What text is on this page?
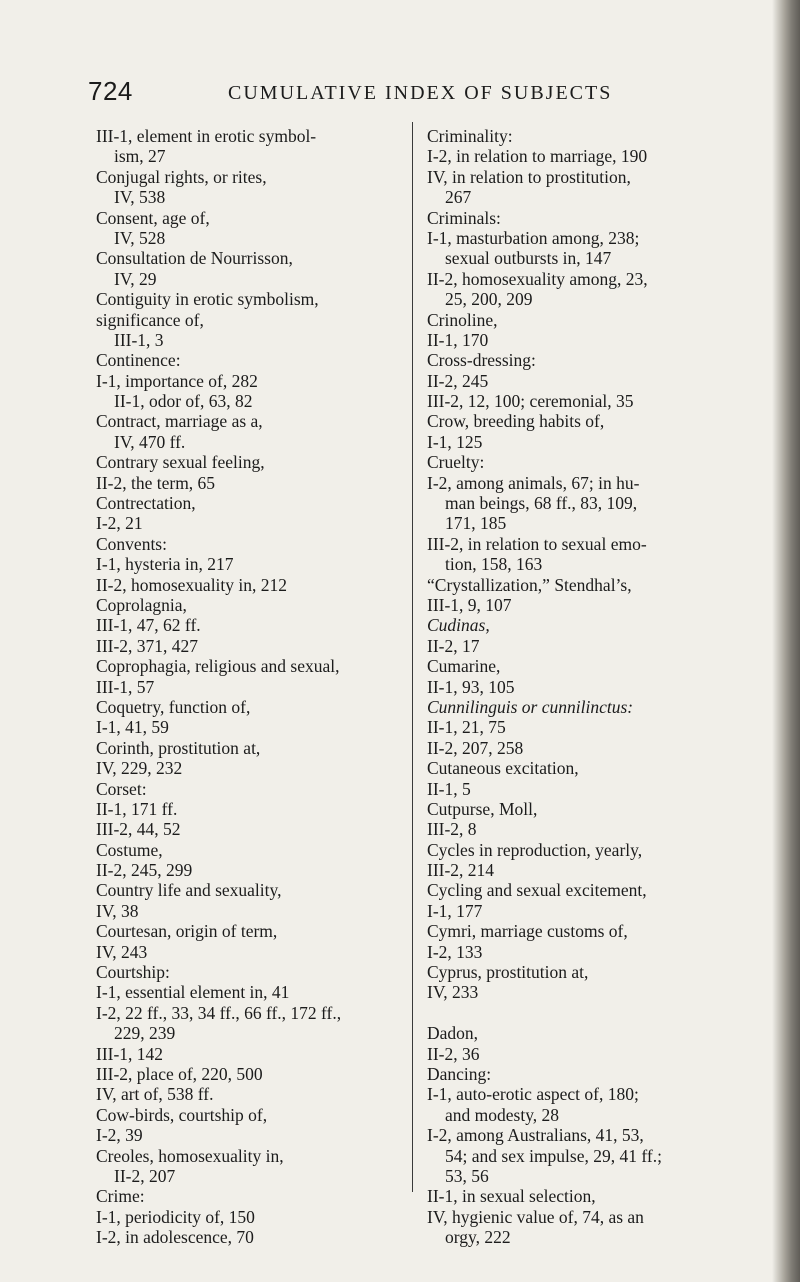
724	CUMULATIVE INDEX OF SUBJECTS
III-1, element in erotic symbol-
ism, 27
Conjugal rights, or rites,
IV, 538
Consent, age of,
IV, 528
Consultation de Nourrisson,
IV, 29
Contiguity in erotic symbolism,
significance of,
III-1, 3
Continence:
I-1, importance of, 282
II-1, odor of, 63, 82
Contract, marriage as a,
IV, 470 ff.
Contrary sexual feeling,
II-2, the term, 65
Contrectation,
I-2, 21
Convents:
I-1, hysteria in, 217
II-2, homosexuality in, 212
Coprolagnia,
III-1, 47, 62 ff.
III-2, 371, 427
Coprophagia, religious and sexual,
III-1, 57
Coquetry, function of,
I-1, 41, 59
Corinth, prostitution at,
IV, 229, 232
Corset:
II-1, 171 ff.
III-2, 44, 52
Costume,
II-2, 245, 299
Country life and sexuality,
IV, 38
Courtesan, origin of term,
IV, 243
Courtship:
I-1, essential element in, 41
I-2, 22 ff., 33, 34 ff., 66 ff., 172 ff.,
229, 239
III-1, 142
III-2, place of, 220, 500
IV, art of, 538 ff.
Cow-birds, courtship of,
I-2, 39
Creoles, homosexuality in,
II-2, 207
Crime:
I-1, periodicity of, 150
I-2, in adolescence, 70
Criminality:
I-2, in relation to marriage, 190
IV, in relation to prostitution,
267
Criminals:
I-1, masturbation among, 238;
sexual outbursts in, 147
II-2, homosexuality among, 23,
25, 200, 209
Crinoline,
II-1, 170
Cross-dressing:
II-2, 245
III-2, 12, 100; ceremonial, 35
Crow, breeding habits of,
I-1, 125
Cruelty:
I-2, among animals, 67; in hu-
man beings, 68 ff., 83, 109,
171, 185
III-2, in relation to sexual emo-
tion, 158, 163
“Crystallization,” Stendhal’s,
III-1, 9, 107
Cudinas,
II-2, 17
Cumarine,
II-1, 93, 105
Cunnilinguis or cunnilinctus:
II-1, 21, 75
II-2, 207, 258
Cutaneous excitation,
II-1, 5
Cutpurse, Moll,
III-2, 8
Cycles in reproduction, yearly,
III-2, 214
Cycling and sexual excitement,
I-1, 177
Cymri, marriage customs of,
I-2, 133
Cyprus, prostitution at,
IV, 233
Dadon,
II-2, 36
Dancing:
I-1, auto-erotic aspect of, 180;
and modesty, 28
I-2, among Australians, 41, 53,
54; and sex impulse, 29, 41 ff.;
53, 56
II-1, in sexual selection,
IV, hygienic value of, 74, as an
orgy, 222
